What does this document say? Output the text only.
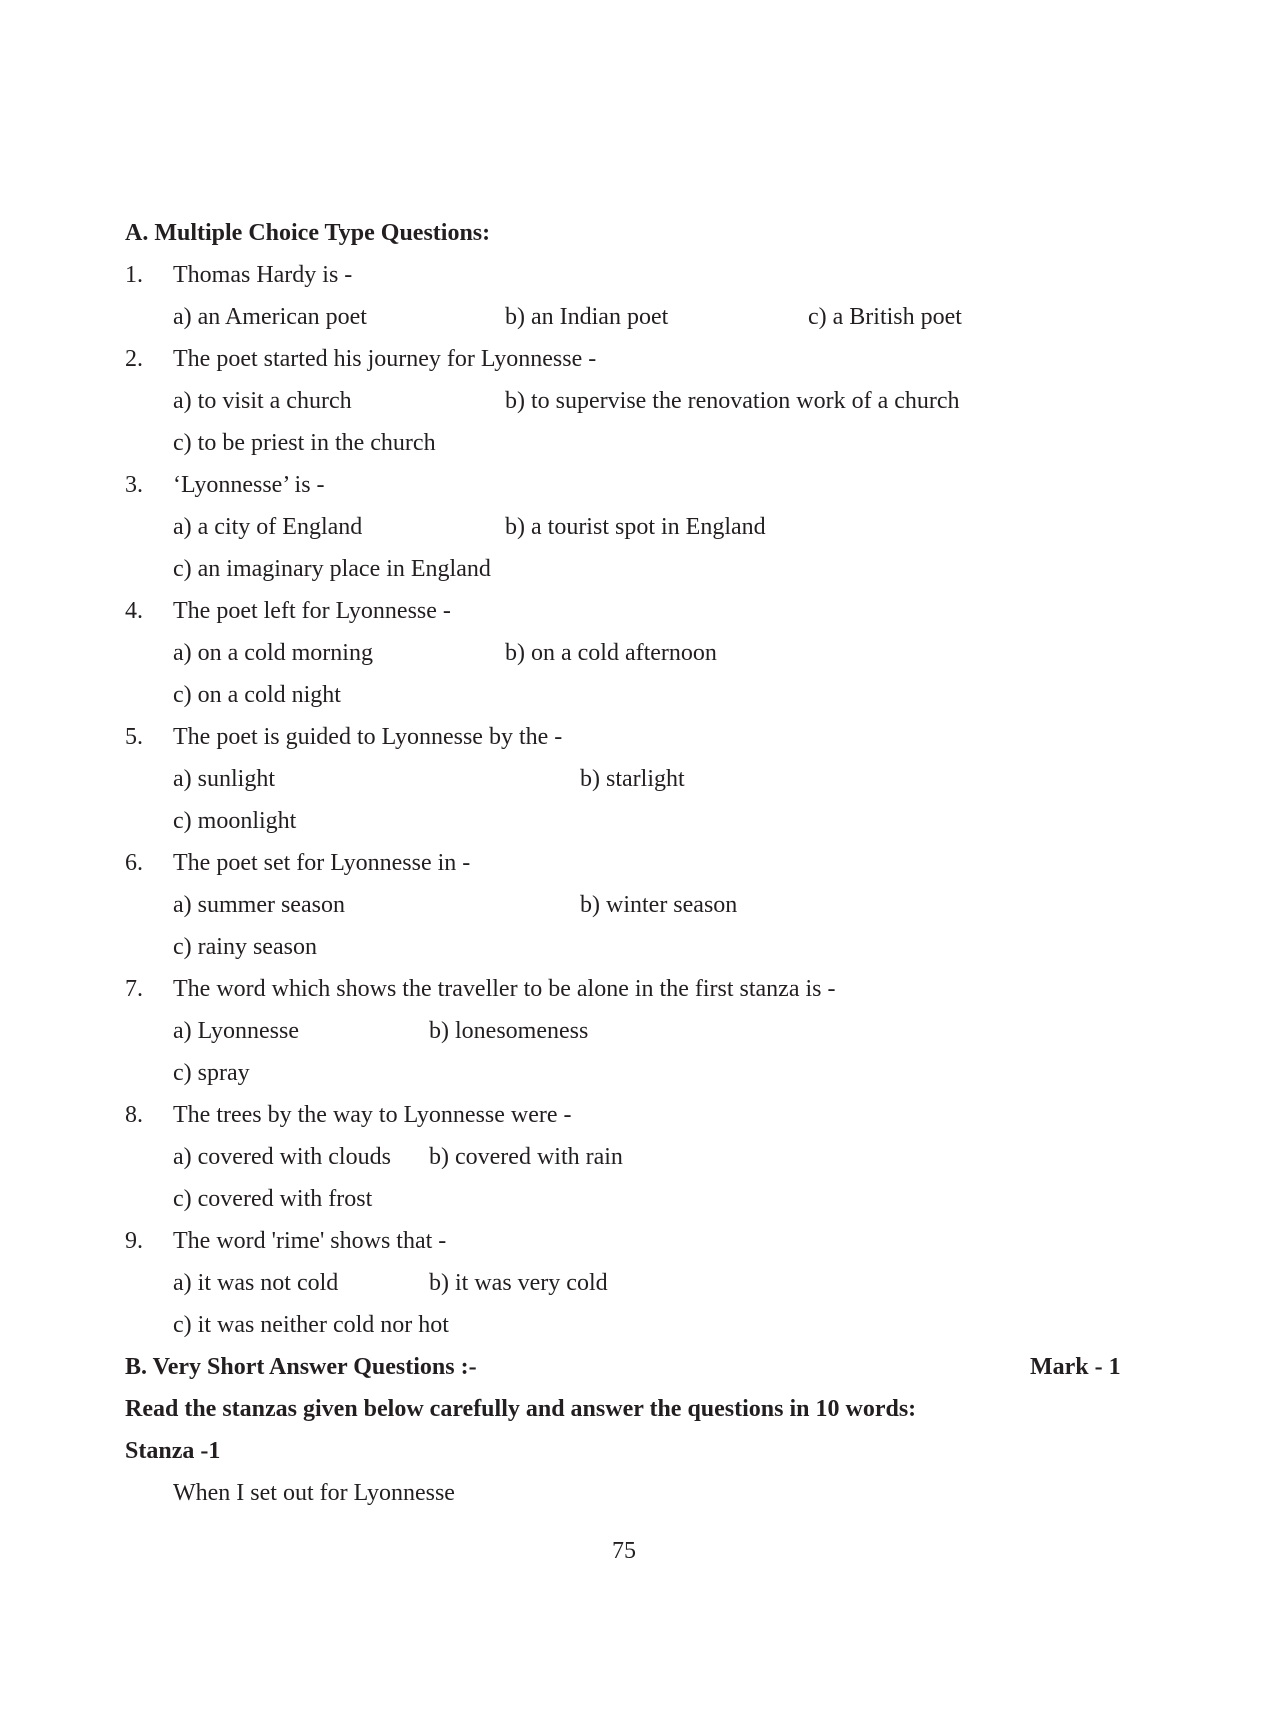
A. Multiple Choice Type Questions:
1. Thomas Hardy is -
a) an American poet	b) an Indian poet	c) a British poet
2. The poet started his journey for Lyonnesse -
a) to visit a church	b) to supervise the renovation work of a church
c) to be priest in the church
3. ‘Lyonnesse’ is -
a) a city of England	b) a tourist spot in England
c) an imaginary place in England
4. The poet left for Lyonnesse -
a) on a cold morning	b) on a cold afternoon
c) on a cold night
5. The poet is guided to Lyonnesse by the -
a) sunlight	b) starlight
c) moonlight
6. The poet set for Lyonnesse in -
a) summer season	b) winter season
c) rainy season
7. The word which shows the traveller to be alone in the first stanza is -
a) Lyonnesse	b) lonesomeness
c) spray
8. The trees by the way to Lyonnesse were -
a) covered with clouds b) covered with rain
c) covered with frost
9. The word 'rime' shows that -
a) it was not cold	b) it was very cold
c) it was neither cold nor hot
B. Very Short Answer Questions :-	Mark - 1
Read the stanzas given below carefully and answer the questions in 10 words:
Stanza -1
When I set out for Lyonnesse
75
